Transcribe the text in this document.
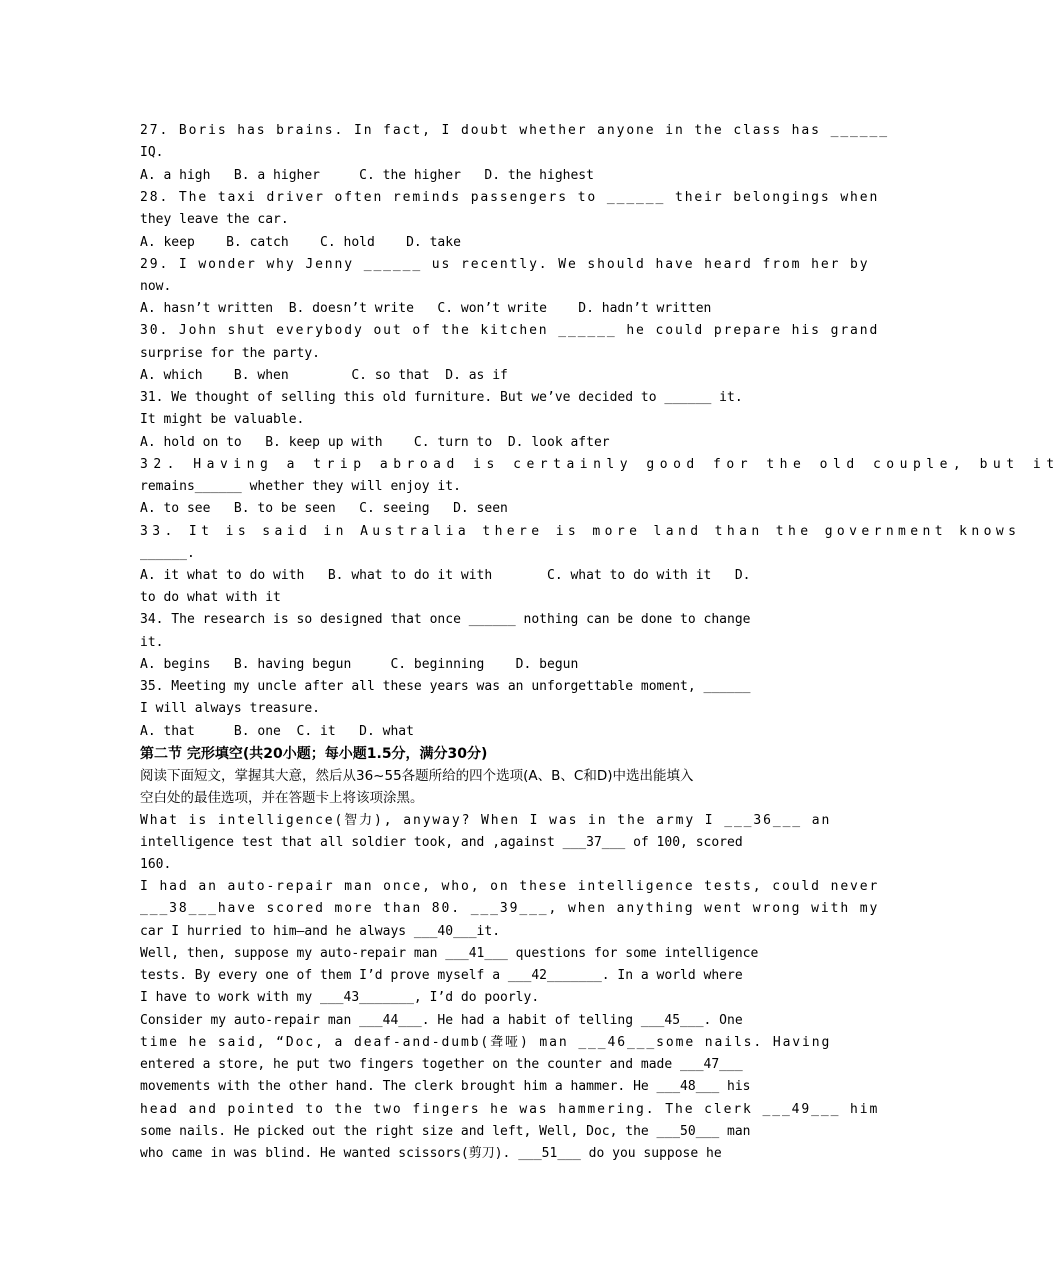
27. Boris has brains. In fact, I doubt whether anyone in the class has ______
IQ.
A. a high   B. a higher     C. the higher   D. the highest
28. The taxi driver often reminds passengers to ______ their belongings when
they leave the car.
A. keep    B. catch    C. hold    D. take
29. I wonder why Jenny ______ us recently. We should have heard from her by
now.
A. hasn’t written  B. doesn’t write   C. won’t write    D. hadn’t written
30. John shut everybody out of the kitchen ______ he could prepare his grand
surprise for the party.
A. which    B. when        C. so that  D. as if
31. We thought of selling this old furniture. But we’ve decided to ______ it.
It might be valuable.
A. hold on to   B. keep up with    C. turn to  D. look after
32. Having a trip abroad is certainly good for the old couple, but it
remains______ whether they will enjoy it.
A. to see   B. to be seen   C. seeing   D. seen
33. It is said in Australia there is more land than the government knows
______.
A. it what to do with   B. what to do it with       C. what to do with it   D.
to do what with it
34. The research is so designed that once ______ nothing can be done to change
it.
A. begins   B. having begun     C. beginning    D. begun
35. Meeting my uncle after all these years was an unforgettable moment, ______
I will always treasure.
A. that     B. one  C. it   D. what
第二节 完形填空(共20小题；每小题1.5分，满分30分)
阅读下面短文，掌握其大意，然后从36~55各题所给的四个选项(A、B、C和D)中选出能填入
空白处的最佳选项，并在答题卡上将该项涂黑。
What is intelligence(智力), anyway? When I was in the army I ___36___ an
intelligence test that all soldier took, and ,against ___37___ of 100, scored
160.
I had an auto-repair man once, who, on these intelligence tests, could never
___38___have scored more than 80. ___39___, when anything went wrong with my
car I hurried to him—and he always ___40___it.
Well, then, suppose my auto-repair man ___41___ questions for some intelligence
tests. By every one of them I’d prove myself a ___42_______. In a world where
I have to work with my ___43_______, I’d do poorly.
Consider my auto-repair man ___44___. He had a habit of telling ___45___. One
time he said, “Doc, a deaf-and-dumb(聋哑) man ___46___some nails. Having
entered a store, he put two fingers together on the counter and made ___47___
movements with the other hand. The clerk brought him a hammer. He ___48___ his
head and pointed to the two fingers he was hammering. The clerk ___49___ him
some nails. He picked out the right size and left, Well, Doc, the ___50___ man
who came in was blind. He wanted scissors(剪刀). ___51___ do you suppose he
